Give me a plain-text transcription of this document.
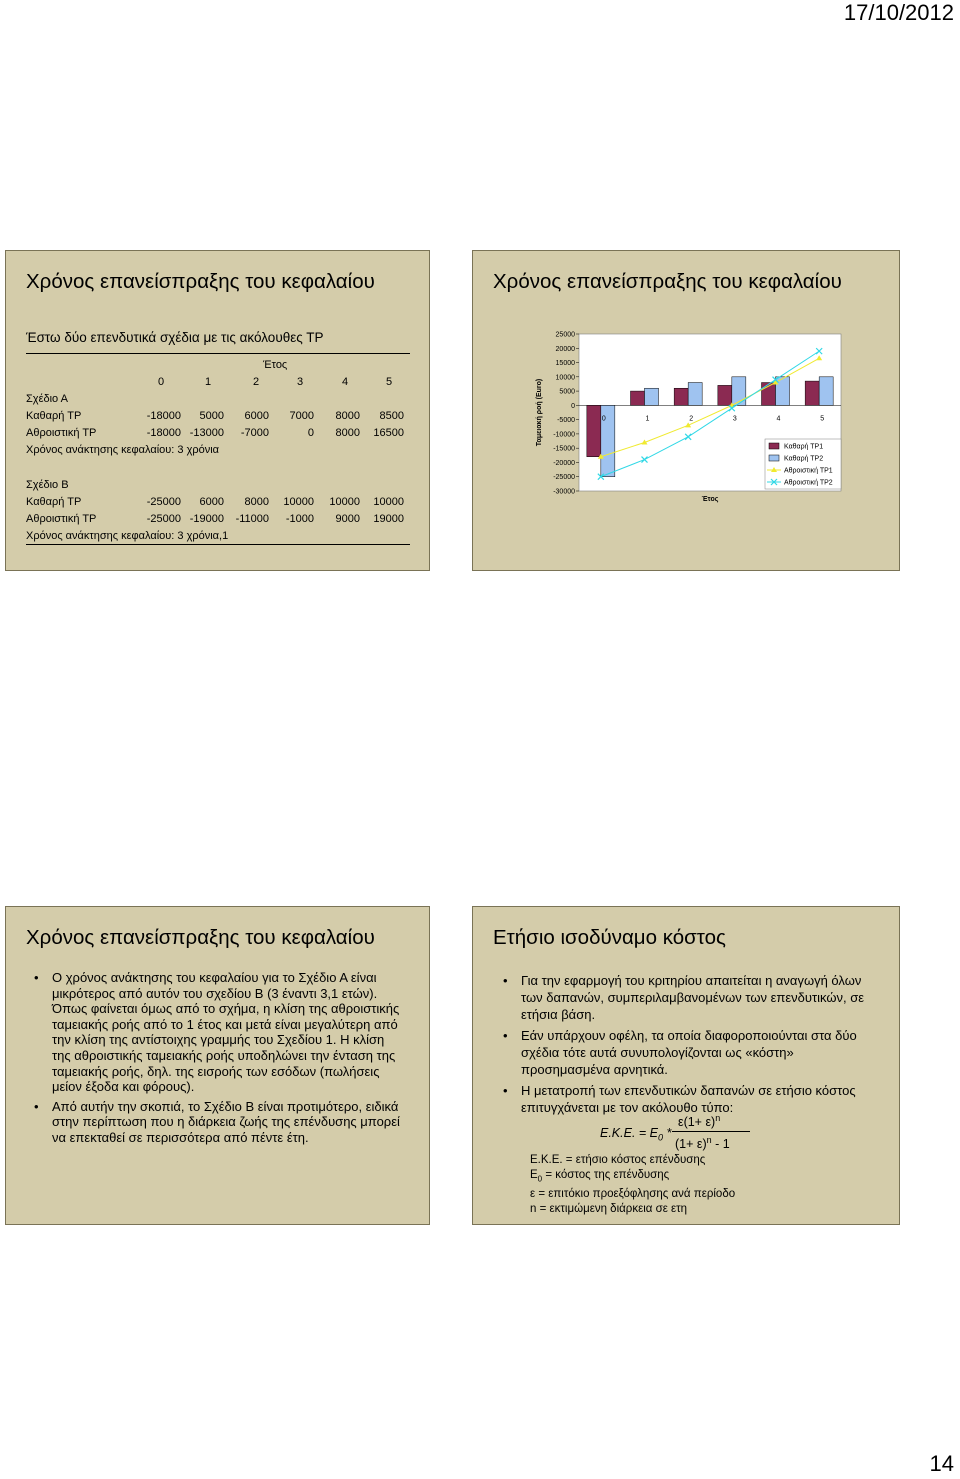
17/10/2012
Χρόνος επανείσπραξης του κεφαλαίου
Έστω δύο επενδυτικά σχέδια με τις ακόλουθες ΤΡ
Έτος
0	1	2	3	4	5
Σχέδιο Α
Καθαρή ΤΡ	-18000	5000	6000	7000	8000	8500
Αθροιστική ΤΡ	-18000 -13000	-7000	0	8000	16500
Χρόνος ανάκτησης κεφαλαίου: 3 χρόνια
Σχέδιο Β
Καθαρή ΤΡ	-25000	6000	8000	10000	10000	10000
Αθροιστική ΤΡ	-25000 -19000	-11000	-1000	9000	19000
Χρόνος ανάκτησης κεφαλαίου: 3 χρόνια,1
Χρόνος επανείσπραξης του κεφαλαίου
25000
20000
15000
10000
5000
0
-5000
-10000
-15000
-20000
-25000
-30000
Ταμειακή ροή (Euro)	0	1	2	3	4	5
Έτος
Καθαρή ΤΡ1
Καθαρή ΤΡ2
Αθροιστική ΤΡ1
Αθροιστική ΤΡ2
Χρόνος επανείσπραξης του κεφαλαίου
• Ο χρόνος ανάκτησης του κεφαλαίου για το Σχέδιο Α είναι μικρότερος από αυτόν του σχεδίου Β (3 έναντι 3,1 ετών). Όπως φαίνεται όμως από το σχήμα, η κλίση της αθροιστικής ταμειακής ροής από το 1 έτος και μετά είναι μεγαλύτερη από την κλίση της αντίστοιχης γραμμής του Σχεδίου 1. Η κλίση της αθροιστικής ταμειακής ροής υποδηλώνει την ένταση της ταμειακής ροής, δηλ. της εισροής των εσόδων (πωλήσεις μείον έξοδα και φόρους).
• Από αυτήν την σκοπιά, το Σχέδιο Β είναι προτιμότερο, ειδικά στην περίπτωση που η διάρκεια ζωής της επένδυσης μπορεί να επεκταθεί σε περισσότερα από πέντε έτη.
Ετήσιο ισοδύναμο κόστος
• Για την εφαρμογή του κριτηρίου απαιτείται η αναγωγή όλων των δαπανών, συμπεριλαμβανομένων των επενδυτικών, σε ετήσια βάση.
• Εάν υπάρχουν οφέλη, τα οποία διαφοροποιούνται στα δύο σχέδια τότε αυτά συνυπολογίζονται ως «κόστη» προσημασμένα αρνητικά.
• Η μετατροπή των επενδυτικών δαπανών σε ετήσιο κόστος επιτυγχάνεται με τον ακόλουθο τύπο:
E.K.E. = $E_0$ *
$\varepsilon(1+ \varepsilon)^n$
$(1+ \varepsilon)^n - 1$
Ε.Κ.Ε. = ετήσιο κόστος επένδυσης
$E_0 = \kappa ό\sigma\tau o\varsigma$ της επένδυσης
ε = επιτόκιο προεξόφλησης ανά περίοδο
n = εκτιμώμενη διάρκεια σε ετη
14
